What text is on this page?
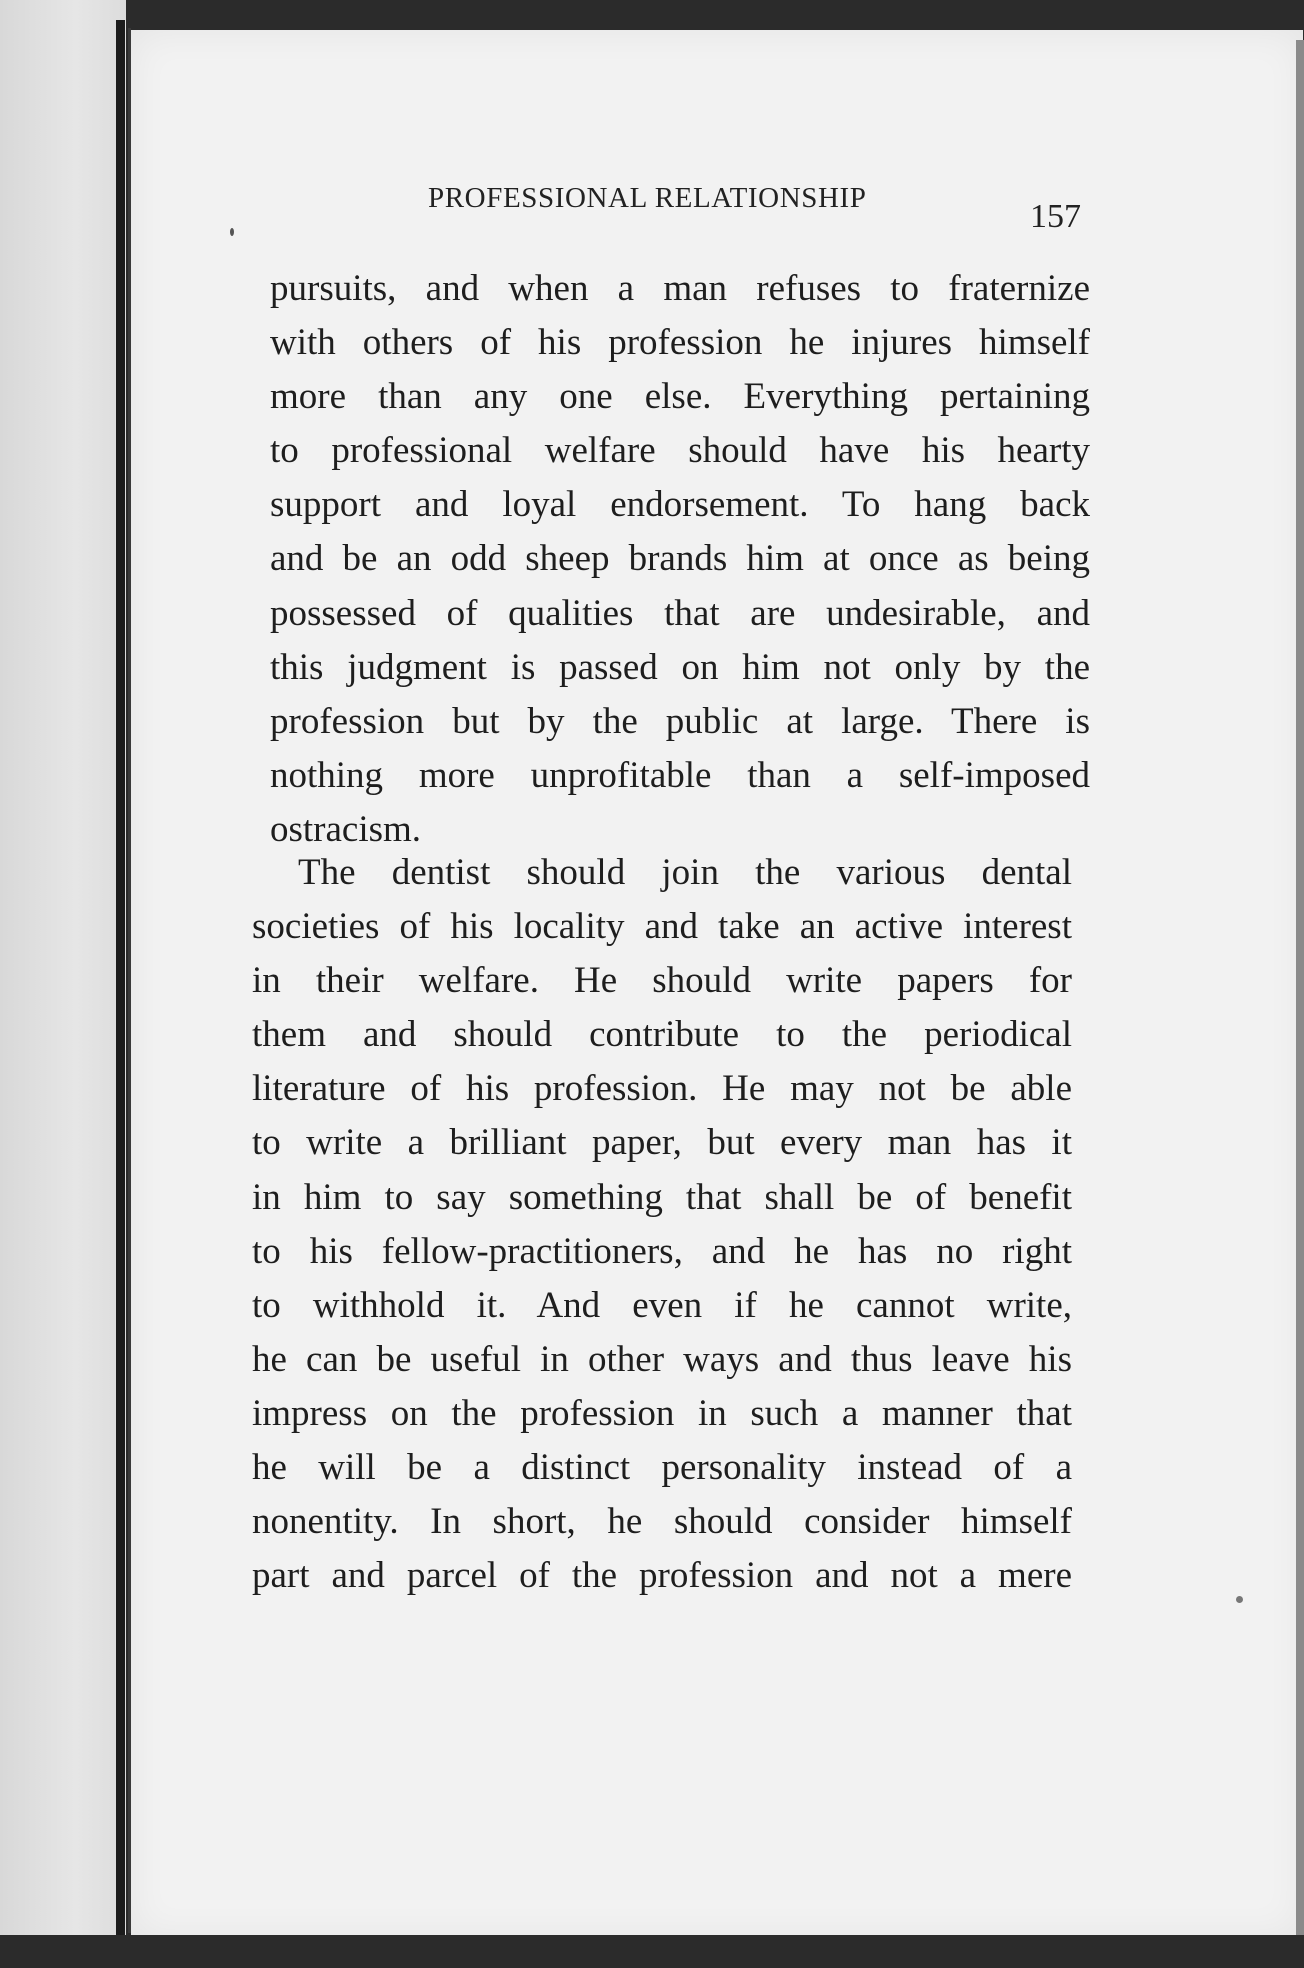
PROFESSIONAL RELATIONSHIP	157
pursuits, and when a man refuses to fraternize
with others of his profession he injures himself
more than any one else. Everything pertaining
to professional welfare should have his hearty
support and loyal endorsement. To hang back
and be an odd sheep brands him at once as being
possessed of qualities that are undesirable, and
this judgment is passed on him not only by the
profession but by the public at large. There is
nothing more unprofitable than a self-imposed
ostracism.
The dentist should join the various dental
societies of his locality and take an active interest
in their welfare. He should write papers for
them and should contribute to the periodical
literature of his profession. He may not be able
to write a brilliant paper, but every man has it
in him to say something that shall be of benefit
to his fellow-practitioners, and he has no right
to withhold it. And even if he cannot write,
he can be useful in other ways and thus leave his
impress on the profession in such a manner that
he will be a distinct personality instead of a
nonentity. In short, he should consider himself
part and parcel of the profession and not a mere
